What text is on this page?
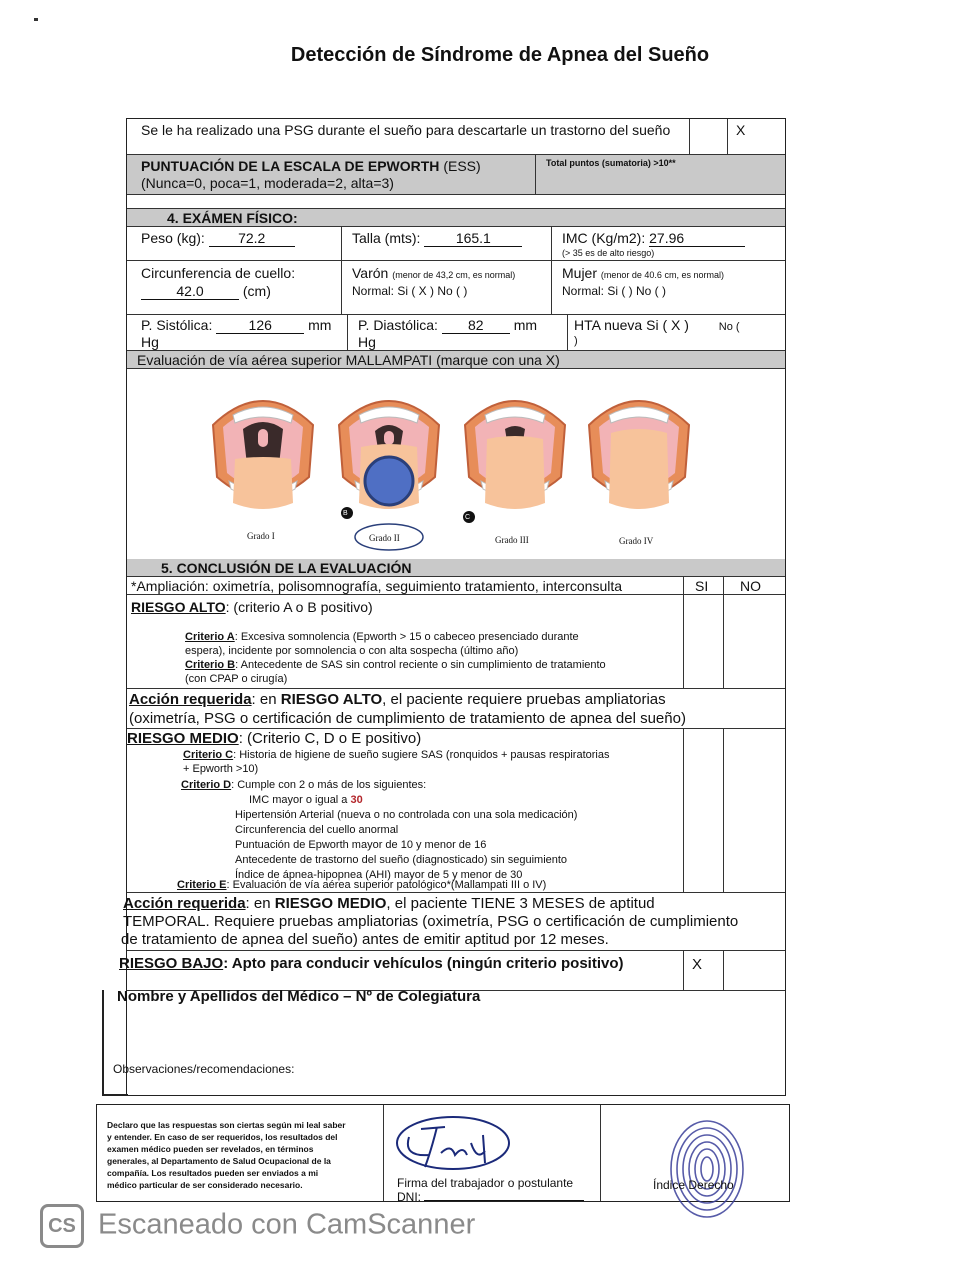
Detección de Síndrome de Apnea del Sueño
Se le ha realizado una PSG durante el sueño para descartarle un trastorno del sueño	X
PUNTUACIÓN DE LA ESCALA DE EPWORTH (ESS)
(Nunca=0, poca=1, moderada=2, alta=3)
Total puntos (sumatoria) >10**
4. EXÁMEN FÍSICO:
Peso (kg): 72.2	Talla (mts):	165.1	IMC (Kg/m2): 27.96
(> 35 es de alto riesgo)
Circunferencia de cuello:
42.0	(cm)
Varón (menor de 43,2 cm, es normal)
Normal: Si ( X ) No ( )
Mujer (menor de 40.6 cm, es normal)
Normal: Si ( ) No ( )
P. Sistólica:	126	mm
Hg
P. Diastólica: 82 mm
Hg
HTA nueva Si ( X )	No (
)
Evaluación de vía aérea superior MALLAMPATI (marque con una X)
B
C
Grado I	Grado II	Grado III	Grado IV
5. CONCLUSIÓN DE LA EVALUACIÓN
*Ampliación: oximetría, polisomnografía, seguimiento tratamiento, interconsulta	SI NO
RIESGO ALTO: (criterio A o B positivo)
Criterio A: Excesiva somnolencia (Epworth > 15 o cabeceo presenciado durante
espera), incidente por somnolencia o con alta sospecha (último año)
Criterio B: Antecedente de SAS sin control reciente o sin cumplimiento de tratamiento
(con CPAP o cirugía)
Acción requerida: en RIESGO ALTO, el paciente requiere pruebas ampliatorias
(oximetría, PSG o certificación de cumplimiento de tratamiento de apnea del sueño)
RIESGO MEDIO: (Criterio C, D o E positivo)
Criterio C: Historia de higiene de sueño sugiere SAS (ronquidos + pausas respiratorias
+ Epworth >10)
Criterio D: Cumple con 2 o más de los siguientes:
IMC mayor o igual a 30
Hipertensión Arterial (nueva o no controlada con una sola medicación)
Circunferencia del cuello anormal
Puntuación de Epworth mayor de 10 y menor de 16
Antecedente de trastorno del sueño (diagnosticado) sin seguimiento
Índice de ápnea-hipopnea (AHI) mayor de 5 y menor de 30
Criterio E: Evaluación de vía aérea superior patológico*(Mallampati III o IV)
Acción requerida: en RIESGO MEDIO, el paciente TIENE 3 MESES de aptitud
TEMPORAL. Requiere pruebas ampliatorias (oximetría, PSG o certificación de cumplimiento
de tratamiento de apnea del sueño) antes de emitir aptitud por 12 meses.
RIESGO BAJO: Apto para conducir vehículos (ningún criterio positivo)	X
Nombre y Apellidos del Médico – Nº de Colegiatura
Observaciones/recomendaciones:
Declaro que las respuestas son ciertas según mi leal saber
y entender. En caso de ser requeridos, los resultados del
examen médico pueden ser revelados, en términos
generales, al Departamento de Salud Ocupacional de la
compañía. Los resultados pueden ser enviados a mi
médico particular de ser considerado necesario.	Firma del trabajador o postulante
DNI:
Índice Derecho
CS Escaneado con CamScanner
